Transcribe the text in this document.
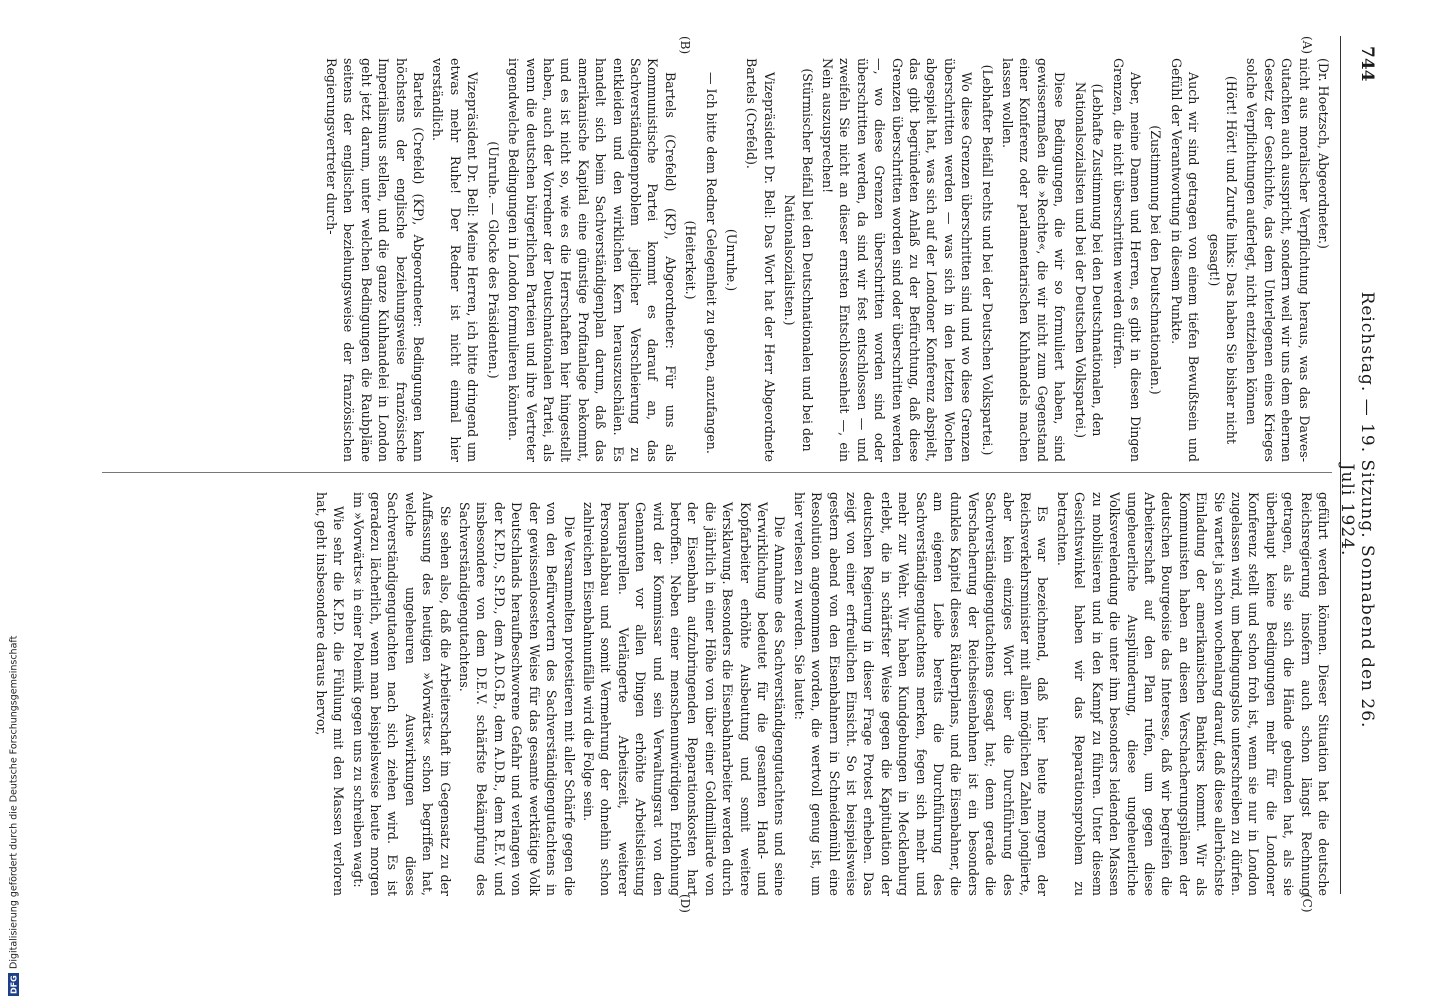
744
Reichstag. — 19. Sitzung. Sonnabend den 26. Juli 1924.
(A)
(B)
(C)
(D)

(Dr. Hoetzsch, Abgeordneter.)

nicht aus moralischer Verpflichtung heraus, was das Dawes-Gutachten auch ausspricht, sondern weil wir uns dem ehernen Gesetz der Geschichte, das dem Unterlegenen eines Krieges solche Verpflichtungen auferlegt, nicht entziehen können

(Hört! Hört! und Zurufe links: Das haben Sie bisher nicht gesagt!)

Auch wir sind getragen von einem tiefen Bewußtsein und Gefühl der Verantwortung in diesem Punkte.

(Zustimmung bei den Deutschnationalen.)

Aber, meine Damen und Herren, es gibt in diesen Dingen Grenzen, die nicht überschritten werden dürfen.

(Lebhafte Zustimmung bei den Deutschnationalen, den Nationalsozialisten und bei der Deutschen Volkspartei.)

Diese Bedingungen, die wir so formuliert haben, sind gewissermaßen die »Rechte«, die wir nicht zum Gegenstand einer Konferenz oder parlamentarischen Kuhhandels machen lassen wollen.

(Lebhafter Beifall rechts und bei der Deutschen Volkspartei.)

Wo diese Grenzen überschritten sind und wo diese Grenzen überschritten werden — was sich in den letzten Wochen abgespielt hat, was sich auf der Londoner Konferenz abspielt, das gibt begründeten Anlaß zu der Befürchtung, daß diese Grenzen überschritten worden sind oder überschritten werden —, wo diese Grenzen überschritten worden sind oder überschritten werden, da sind wir fest entschlossen — und zweifeln Sie nicht an dieser ernsten Entschlossenheit —, ein Nein auszusprechen!

(Stürmischer Beifall bei den Deutschnationalen und bei den Nationalsozialisten.)

Vizepräsident Dr. Bell: Das Wort hat der Herr Abgeordnete Bartels (Crefeld).

(Unruhe.)

— Ich bitte dem Redner Gelegenheit zu geben, anzufangen.

(Heiterkeit.)

Bartels (Crefeld) (KP), Abgeordneter: Für uns als Kommunistische Partei kommt es darauf an, das Sachverständigenproblem jeglicher Verschleierung zu entkleiden und den wirklichen Kern herauszuschälen. Es handelt sich beim Sachverständigenplan darum, daß das amerikanische Kapital eine günstige Profitanlage bekommt, und es ist nicht so, wie es die Herrschaften hier hingestellt haben, auch der Vorredner der Deutschnationalen Partei, als wenn die deutschen bürgerlichen Parteien und ihre Vertreter irgendwelche Bedingungen in London formulieren könnten.

(Unruhe. — Glocke des Präsidenten.)

Vizepräsident Dr. Bell: Meine Herren, ich bitte dringend um etwas mehr Ruhe! Der Redner ist nicht einmal hier verständlich.

Bartels (Crefeld) (KP), Abgeordneter: Bedingungen kann höchstens der englische beziehungsweise französische Imperialismus stellen, und die ganze Kuhhandelei in London geht jetzt darum, unter welchen Bedingungen die Raubpläne seitens der englischen beziehungsweise der französischen Regierungsvertreter durch-

geführt werden können. Dieser Situation hat die deutsche Reichsregierung insofern auch schon längst Rechnung getragen, als sie sich die Hände gebunden hat, als sie überhaupt keine Bedingungen mehr für die Londoner Konferenz stellt und schon froh ist, wenn sie nur in London zugelassen wird, um bedingungslos unterschreiben zu dürfen. Sie wartet ja schon wochenlang darauf, daß diese allerhöchste Einladung der amerikanischen Bankiers kommt. Wir als Kommunisten haben an diesen Verschacherungsplänen der deutschen Bourgeoisie das Interesse, daß wir begreifen die Arbeiterschaft auf den Plan rufen, um gegen diese ungeheuerliche Ausplünderung, diese ungeheuerliche Volksverelendung die unter ihm besonders leidenden Massen zu mobilisieren und in den Kampf zu führen. Unter diesem Gesichtswinkel haben wir das Reparationsproblem zu betrachten.

Es war bezeichnend, daß hier heute morgen der Reichsverkehrsminister mit allen möglichen Zahlen jonglierte, aber kein einziges Wort über die Durchführung des Sachverständigengutachtens gesagt hat; denn gerade die Verschacherung der Reichseisenbahnen ist ein besonders dunkles Kapitel dieses Räuberplans, und die Eisenbahner, die am eigenen Leibe bereits die Durchführung des Sachverständigengutachtens merken, fegen sich mehr und mehr zur Wehr. Wir haben Kundgebungen in Mecklenburg erlebt, die in schärfster Weise gegen die Kapitulation der deutschen Regierung in dieser Frage Protest erheben. Das zeigt von einer erfreulichen Einsicht. So ist beispielsweise gestern abend von den Eisenbahnern in Schneidemühl eine Resolution angenommen worden, die wertvoll genug ist, um hier verlesen zu werden. Sie lautet:

Die Annahme des Sachverständigengutachtens und seine Verwirklichung bedeutet für die gesamten Hand- und Kopfarbeiter erhöhte Ausbeutung und somit weitere Versklavung. Besonders die Eisenbahnarbeiter werden durch die jährlich in einer Höhe von über einer Goldmilliarde von der Eisenbahn aufzubringenden Reparationskosten hart betroffen. Neben einer menschenunwürdigen Entlohnung wird der Kommissar und sein Verwaltungsrat von den Genannten vor allen Dingen erhöhte Arbeitsleistung herausprellen. Verlängerte Arbeitszeit, weiterer Personalabbau und somit Vermehrung der ohnehin schon zahlreichen Eisenbahnunfälle wird die Folge sein.

Die Versammelten protestieren mit aller Schärfe gegen die von den Befürwortern des Sachverständigengutachtens in der gewissenlosesten Weise für das gesamte werktätige Volk Deutschlands heraufbeschworene Gefahr und verlangen von der K.P.D., S.P.D., dem A.D.G.B., dem A.D.B., dem R.E.V. und insbesondere von dem D.E.V. schärfste Bekämpfung des Sachverständigengutachtens.

Sie sehen also, daß die Arbeiterschaft im Gegensatz zu der Auffassung des heutigen »Vorwärts« schon begriffen hat, welche ungeheuren Auswirkungen dieses Sachverständigengutachten nach sich ziehen wird. Es ist geradezu lächerlich, wenn man beispielsweise heute morgen im »Vorwärts« in einer Polemik gegen uns zu schreiben wagt:

Wie sehr die K.P.D. die Fühlung mit den Massen verloren hat, geht insbesondere daraus hervor,

DFG
Digitalisierung gefördert durch die Deutsche Forschungsgemeinschaft
